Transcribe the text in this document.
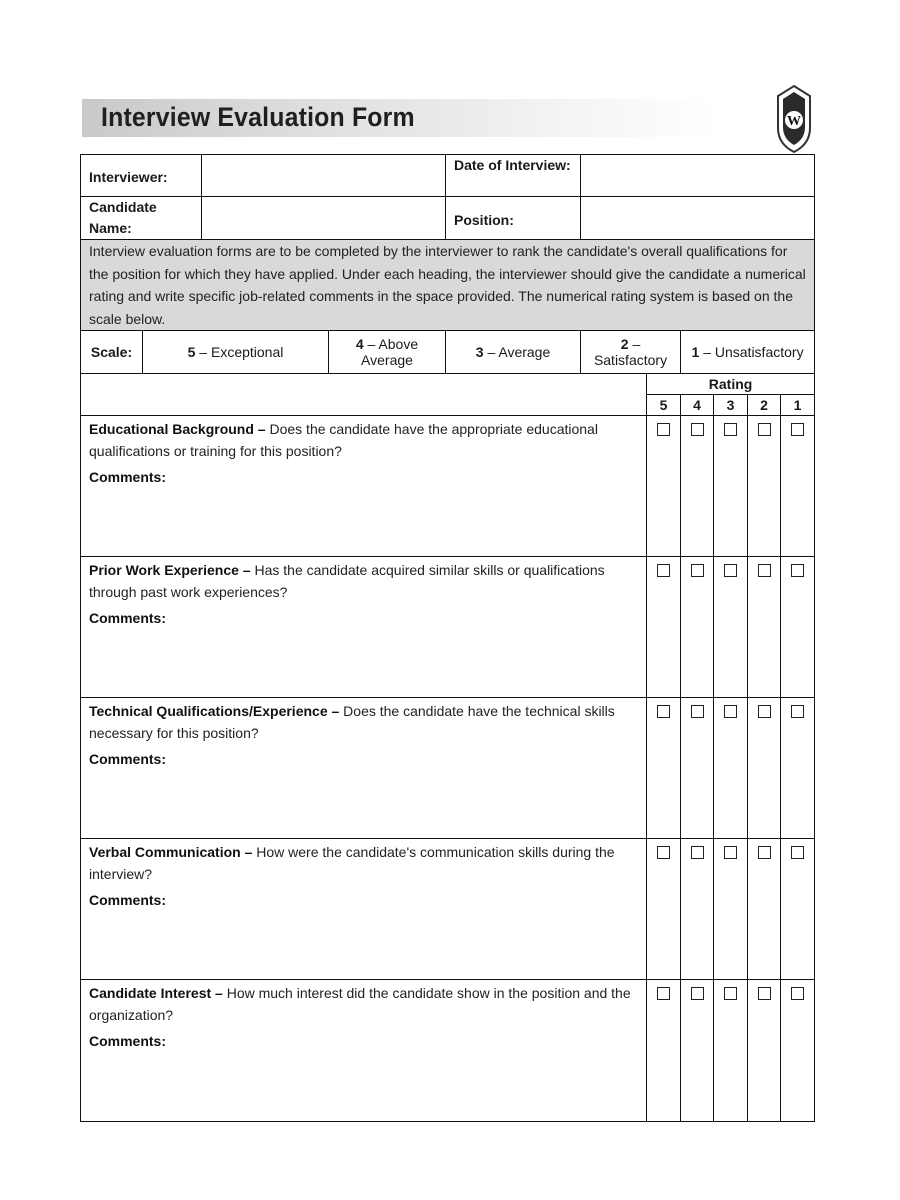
Interview Evaluation Form	W
Interviewer:				Date of Interview:						
Candidate Name:				Position:						
Interview evaluation forms are to be completed by the interviewer to rank the candidate's overall qualifications for the position for which they have applied. Under each heading, the interviewer should give the candidate a numerical rating and write specific job-related comments in the space provided. The numerical rating system is based on the scale below.										
Scale:	5 – Exceptional		4 – Above Average	3 – Average	2 – Satisfactory		1 – Unsatisfactory			
						Rating				
						5	4	3	2	1
Educational Background – Does the candidate have the appropriate educational qualifications or training for this position?
Comments:										

Prior Work Experience – Has the candidate acquired similar skills or qualifications through past work experiences?
Comments:										

Technical Qualifications/Experience – Does the candidate have the technical skills necessary for this position?
Comments:										

Verbal Communication – How were the candidate's communication skills during the interview?
Comments:										

Candidate Interest – How much interest did the candidate show in the position and the organization?
Comments:										
